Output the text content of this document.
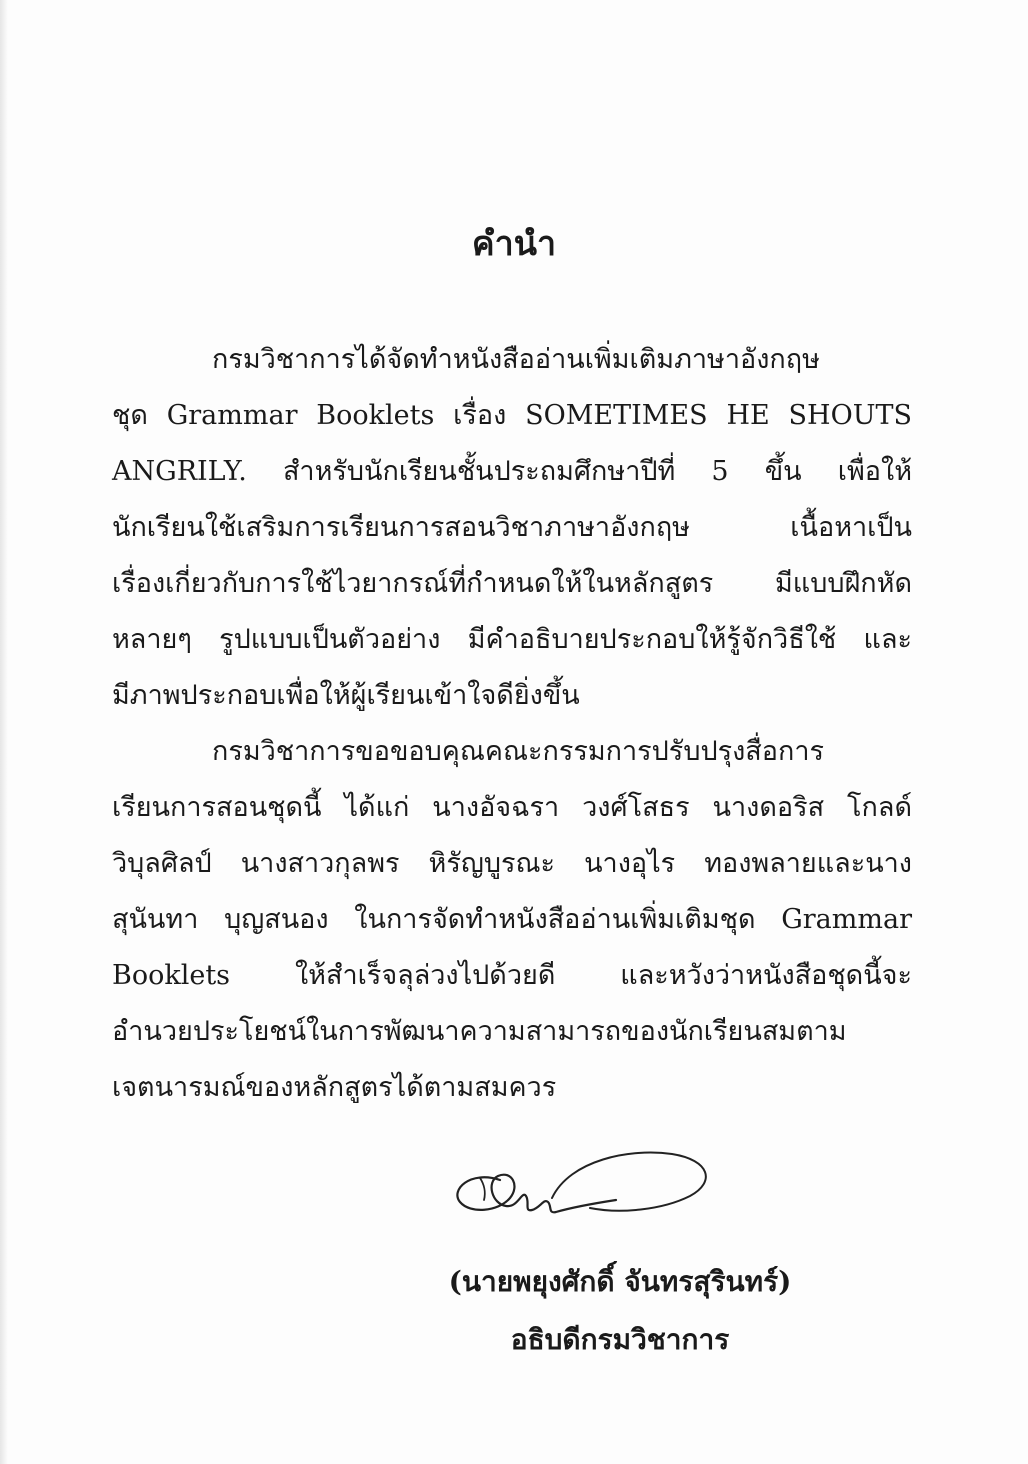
คำนำ
กรมวิชาการได้จัดทำหนังสืออ่านเพิ่มเติมภาษาอังกฤษ
ชุด Grammar Booklets เรื่อง SOMETIMES HE SHOUTS
ANGRILY. สำหรับนักเรียนชั้นประถมศึกษาปีที่ 5 ขึ้น เพื่อให้
นักเรียนใช้เสริมการเรียนการสอนวิชาภาษาอังกฤษ เนื้อหาเป็น
เรื่องเกี่ยวกับการใช้ไวยากรณ์ที่กำหนดให้ในหลักสูตร มีแบบฝึกหัด
หลายๆ รูปแบบเป็นตัวอย่าง มีคำอธิบายประกอบให้รู้จักวิธีใช้ และ
มีภาพประกอบเพื่อให้ผู้เรียนเข้าใจดียิ่งขึ้น
กรมวิชาการขอขอบคุณคณะกรรมการปรับปรุงสื่อการ
เรียนการสอนชุดนี้ ได้แก่ นางอัจฉรา วงศ์โสธร นางดอริส โกลด์
วิบุลศิลป์ นางสาวกุลพร หิรัญบูรณะ นางอุไร ทองพลายและนาง
สุนันทา บุญสนอง ในการจัดทำหนังสืออ่านเพิ่มเติมชุด Grammar
Booklets ให้สำเร็จลุล่วงไปด้วยดี และหวังว่าหนังสือชุดนี้จะ
อำนวยประโยชน์ในการพัฒนาความสามารถของนักเรียนสมตาม
เจตนารมณ์ของหลักสูตรได้ตามสมควร
(นายพยุงศักดิ์ จันทรสุรินทร์)
อธิบดีกรมวิชาการ
